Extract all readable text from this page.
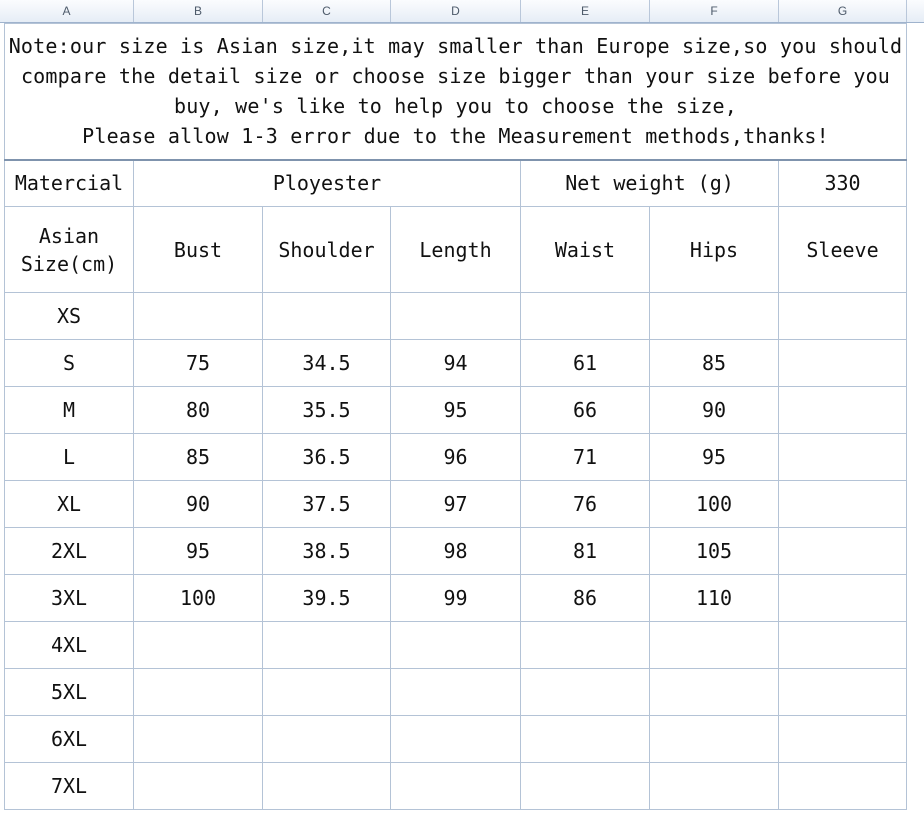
A	B	C	D	E	F	G
Note:our size is Asian size,it may smaller than Europe size,so you should
compare the detail size or choose size bigger than your size before you
buy, we's like to help you to choose the size,
Please allow 1-3 error due to the Measurement methods,thanks!						

Matercial	Ployester			Net weight (g)		330

Asian
Size(cm)	Bust	Shoulder	Length	Waist	Hips	Sleeve
XS						
S	75	34.5	94	61	85	
M	80	35.5	95	66	90	
L	85	36.5	96	71	95	
XL	90	37.5	97	76	100	
2XL	95	38.5	98	81	105	
3XL	100	39.5	99	86	110	
4XL						
5XL						
6XL						
7XL						
